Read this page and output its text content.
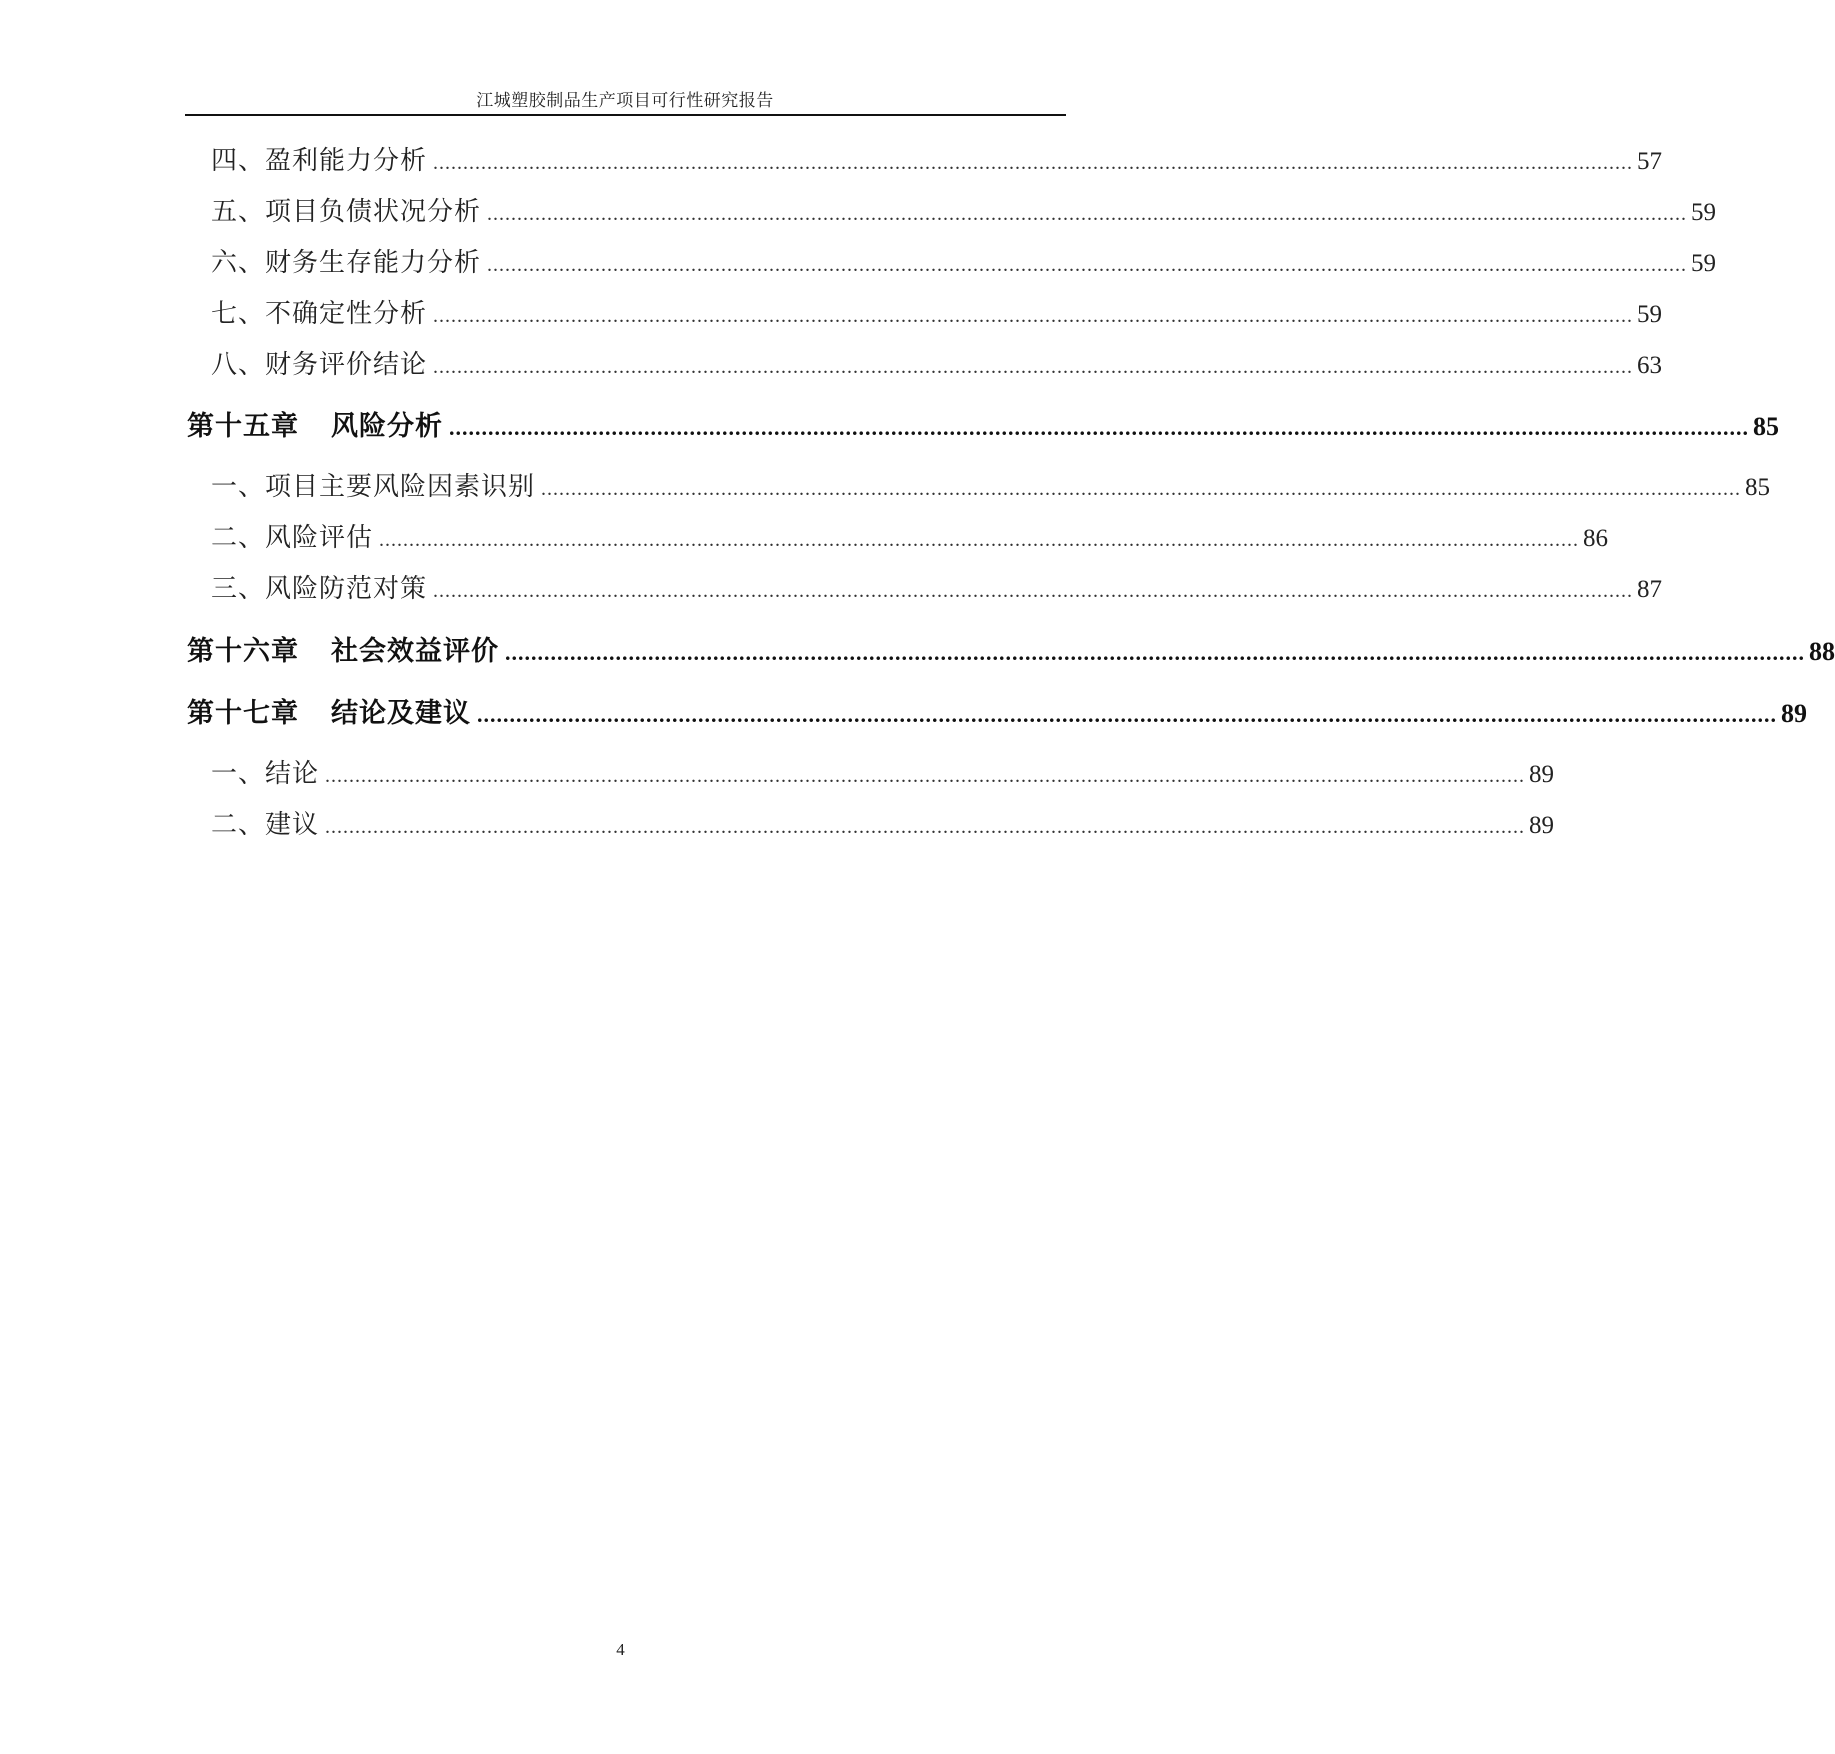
江城塑胶制品生产项目可行性研究报告
四、盈利能力分析 ........................................................................................................................................................................................................ 57
五、项目负债状况分析 ........................................................................................................................................................................................................ 59
六、财务生存能力分析 ........................................................................................................................................................................................................ 59
七、不确定性分析 ........................................................................................................................................................................................................ 59
八、财务评价结论 ........................................................................................................................................................................................................ 63
第十五章 风险分析 ........................................................................................................................................................................................................ 85
一、项目主要风险因素识别 ........................................................................................................................................................................................................ 85
二、风险评估 ........................................................................................................................................................................................................ 86
三、风险防范对策 ........................................................................................................................................................................................................ 87
第十六章 社会效益评价 ........................................................................................................................................................................................................ 88
第十七章 结论及建议 ........................................................................................................................................................................................................ 89
一、结论 ........................................................................................................................................................................................................ 89
二、建议 ........................................................................................................................................................................................................ 89
4
